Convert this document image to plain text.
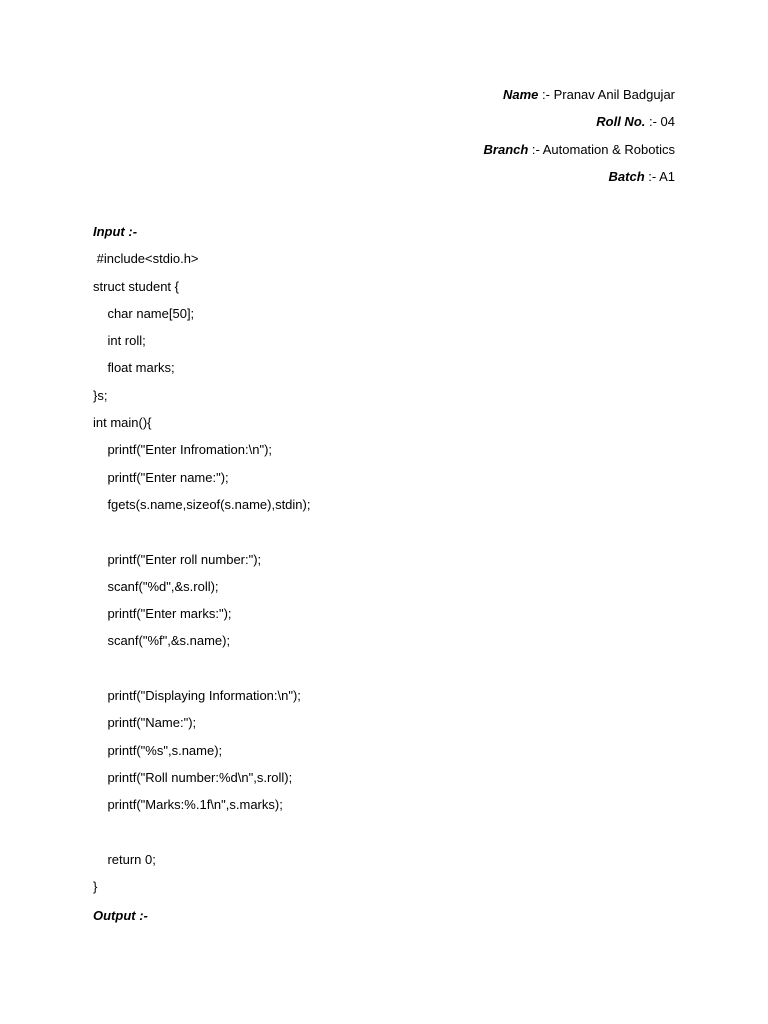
Name :- Pranav Anil Badgujar
Roll No. :- 04
Branch :- Automation & Robotics
Batch :- A1
Input :-
#include<stdio.h>
struct student {
char name[50];
int roll;
float marks;
}s;
int main(){
printf("Enter Infromation:\n");
printf("Enter name:");
fgets(s.name,sizeof(s.name),stdin);
printf("Enter roll number:");
scanf("%d",&s.roll);
printf("Enter marks:");
scanf("%f",&s.name);
printf("Displaying Information:\n");
printf("Name:");
printf("%s",s.name);
printf("Roll number:%d\n",s.roll);
printf("Marks:%.1f\n",s.marks);
return 0;
}
Output :-
